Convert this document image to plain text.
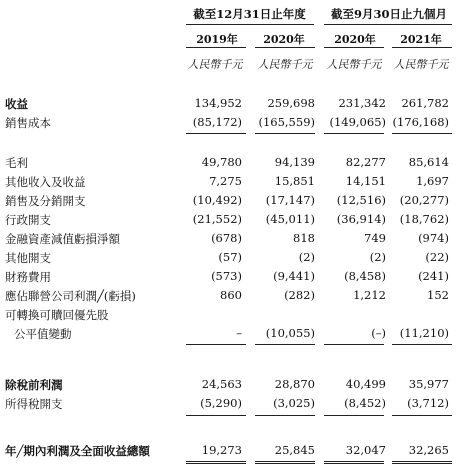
截至12月31日止年度	截至9月30日止九個月
2019年	2020年	2020年	2021年
人民幣千元	人民幣千元	人民幣千元	人民幣千元
收益	134,952	259,698	231,342	261,782
銷售成本	(85,172)	(165,559)	(149,065) (176,168)
毛利	49,780	94,139	82,277	85,614
其他收入及收益	7,275	15,851	14,151	1,697
銷售及分銷開支	(10,492)	(17,147)	(12,516)	(20,277)
行政開支	(21,552)	(45,011)	(36,914)	(18,762)
金融資產減值虧損淨額	(678)	818	749	(974)
其他開支	(57)	(2)	(2)	(22)
財務費用	(573)	(9,441)	(8,458)	(241)
應佔聯營公司利潤╱(虧損)	860	(282)	1,212	152
可轉換可贖回優先股
公平值變動	–	(10,055)	(–)	(11,210)
除稅前利潤	24,563	28,870	40,499	35,977
所得稅開支	(5,290)	(3,025)	(8,452)	(3,712)
年╱期內利潤及全面收益總額	19,273	25,845	32,047	32,265
